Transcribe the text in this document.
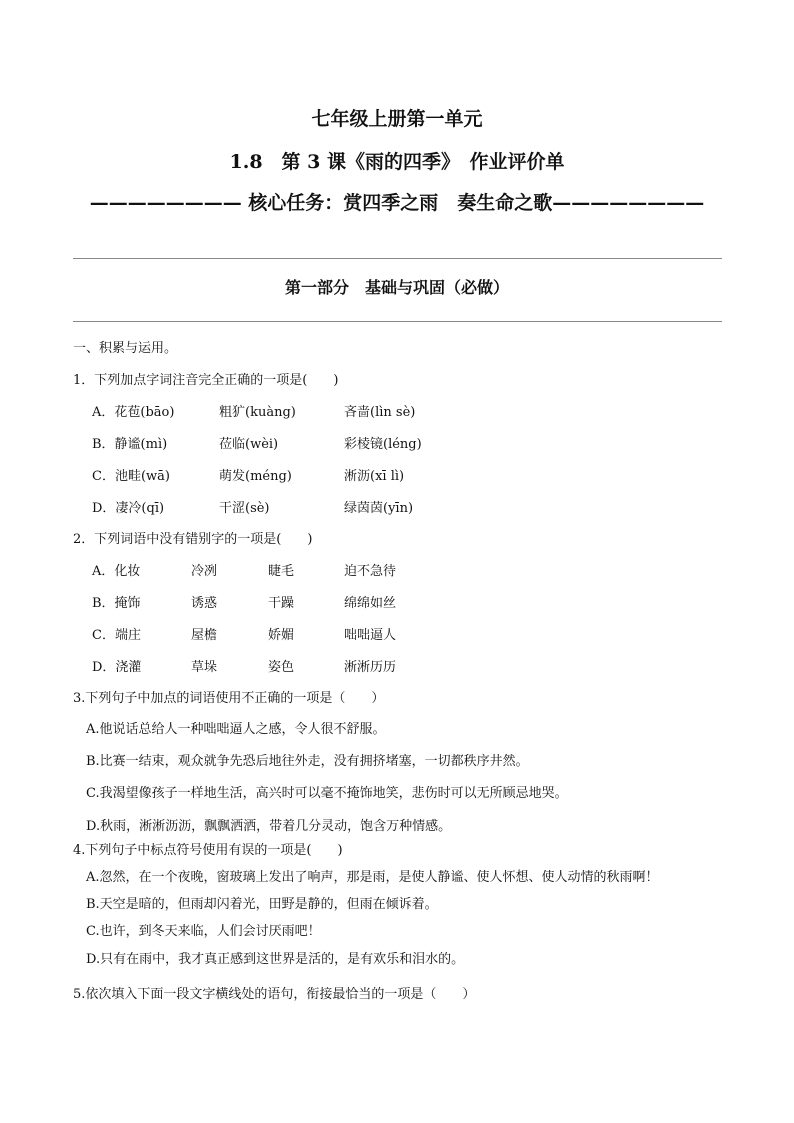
七年级上册第一单元
1.8　第 3 课《雨的四季》　作业评价单
———————— 核心任务：赏四季之雨　奏生命之歌————————
第一部分　基础与巩固（必做）
一、积累与运用。
1．下列加点字词注音完全正确的一项是(　　)
A．花苞(bāo)	粗犷(kuàng)	吝啬(lìn sè)
B．静谧(mì)	莅临(wèi)	彩棱镜(léng)
C．池畦(wā)	萌发(méng)	淅沥(xī lì)
D．凄冷(qī)	干涩(sè)	绿茵茵(yīn)
2．下列词语中没有错别字的一项是(　　)
A．化妆	冷冽	睫毛	迫不急待
B．掩饰	诱惑	干躁	绵绵如丝
C．端庄	屋檐	娇媚	咄咄逼人
D．浇灌	草垛	姿色	淅淅历历
3.下列句子中加点的词语使用不正确的一项是（　　）
A.他说话总给人一种咄咄逼人之感，令人很不舒服。
B.比赛一结束，观众就争先恐后地往外走，没有拥挤堵塞，一切都秩序井然。
C.我渴望像孩子一样地生活，高兴时可以毫不掩饰地笑，悲伤时可以无所顾忌地哭。
D.秋雨，淅淅沥沥，飘飘洒洒，带着几分灵动，饱含万种情感。
4.下列句子中标点符号使用有误的一项是(　　)
A.忽然，在一个夜晚，窗玻璃上发出了响声，那是雨，是使人静谧、使人怀想、使人动情的秋雨啊！
B.天空是暗的，但雨却闪着光，田野是静的，但雨在倾诉着。
C.也许，到冬天来临，人们会讨厌雨吧！
D.只有在雨中，我才真正感到这世界是活的，是有欢乐和泪水的。
5.依次填入下面一段文字横线处的语句，衔接最恰当的一项是（　　）
